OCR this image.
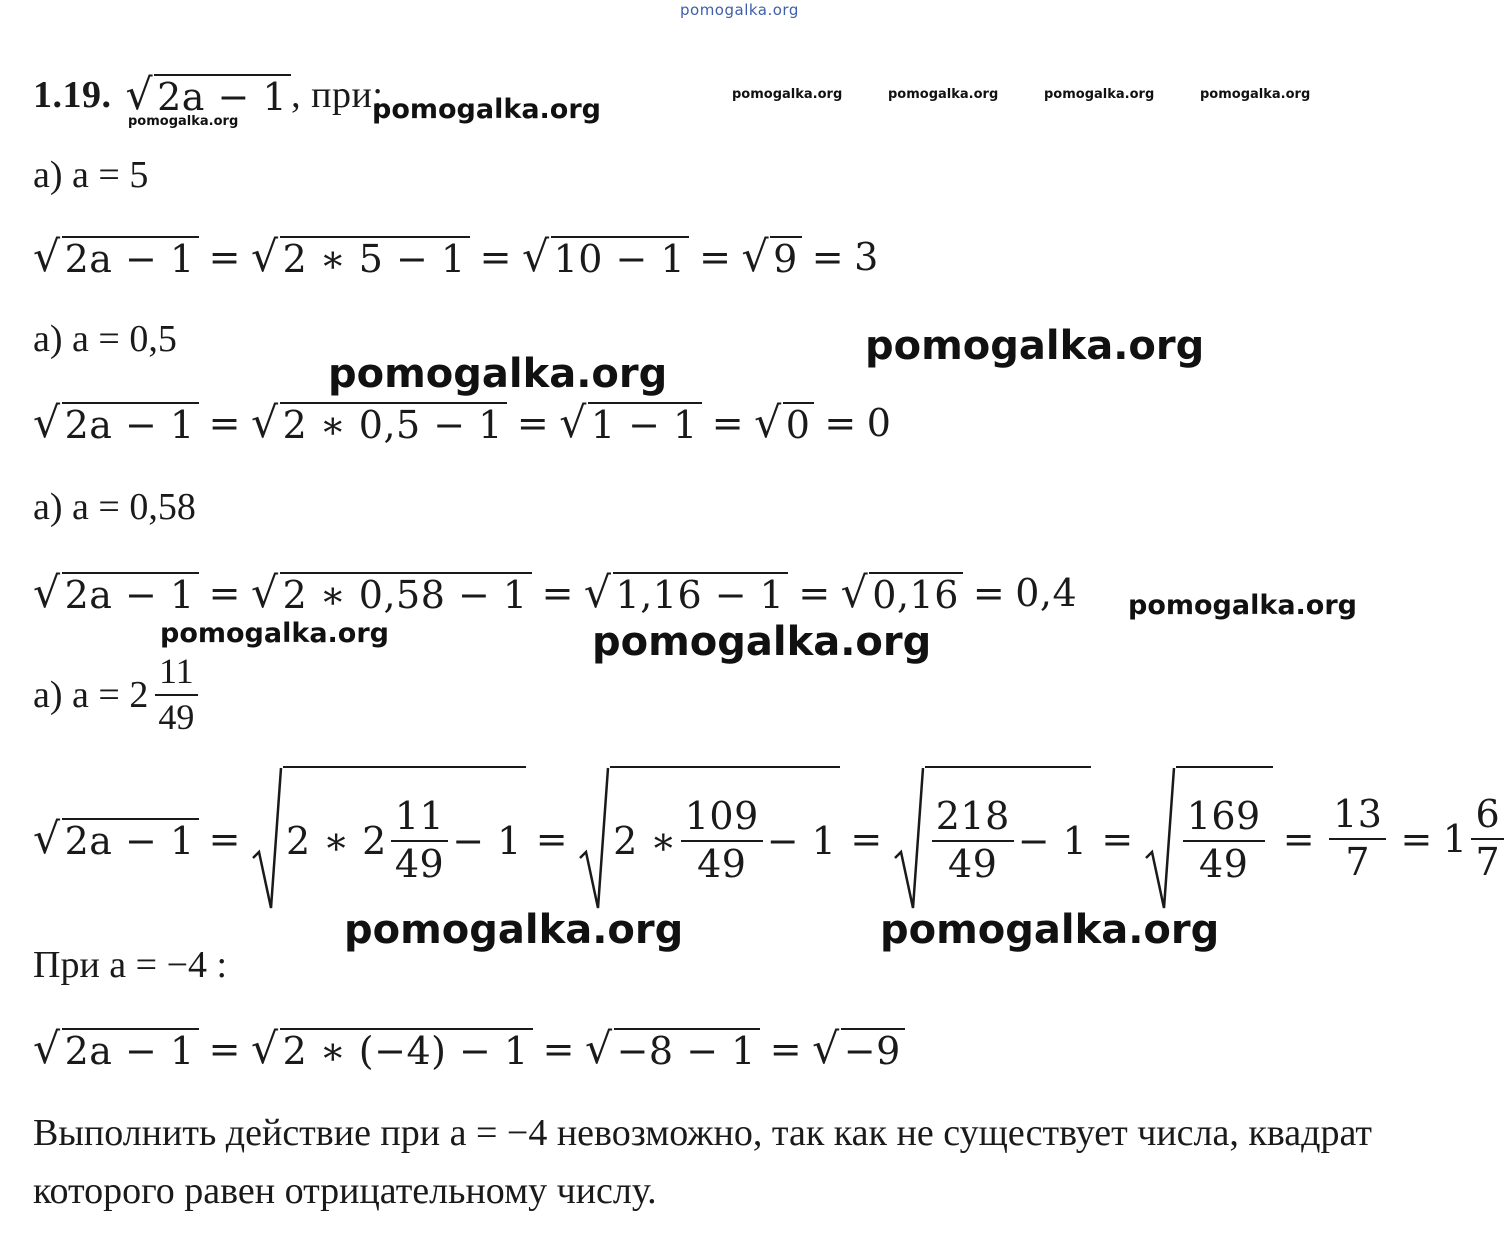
pomogalka.org
1.19. √ 2a − 1 , при:
pomogalka.org	pomogalka.org	pomogalka.org	pomogalka.org	pomogalka.org	pomogalka.org
а) a = 5
√ 2a − 1 = √ 2 ∗ 5 − 1 = √ 10 − 1 = √ 9 = 3
а) a = 0,5	pomogalka.org
pomogalka.org
√ 2a − 1 = √ 2 ∗ 0,5 − 1 = √ 1 − 1 = √ 0 = 0
а) a = 0,58
√ 2a − 1 = √ 2 ∗ 0,58 − 1 = √ 1,16 − 1 = √ 0,16 = 0,4 pomogalka.org
pomogalka.org	pomogalka.org
а) $a = 2 \frac{11}{49}$
√ 2a − 1 = 2 ∗ $2 \frac{11}{49} - 1 = 2$ ∗ $\frac{109}{49} - 1 = \frac{218}{49} - 1 = \frac{169}{49} = \frac{13}{7} = 1 \frac{6}{7}$
pomogalka.org	pomogalka.org
При a = −4 :
√ 2a − 1 = √ 2 ∗ (−4) − 1 = √ −8 − 1 = √ −9
Выполнить действие при a = −4 невозможно, так как не существует числа, квадрат которого равен отрицательному числу.
